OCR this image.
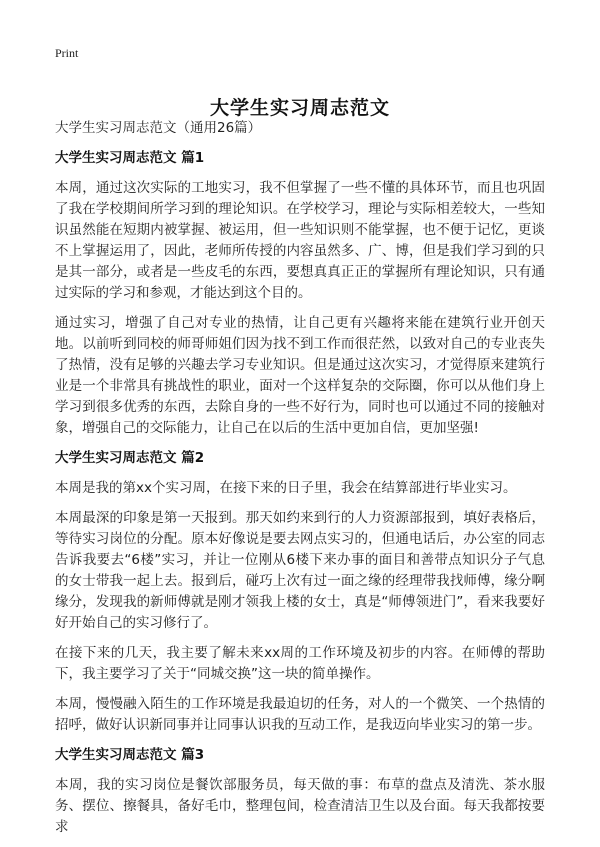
Print
大学生实习周志范文

大学生实习周志范文（通用26篇）

大学生实习周志范文 篇1

本周，通过这次实际的工地实习，我不但掌握了一些不懂的具体环节，而且也巩固了我在学校期间所学习到的理论知识。在学校学习，理论与实际相差较大，一些知识虽然能在短期内被掌握、被运用，但一些知识则不能掌握，也不便于记忆，更谈不上掌握运用了，因此，老师所传授的内容虽然多、广、博，但是我们学习到的只是其一部分，或者是一些皮毛的东西，要想真真正正的掌握所有理论知识，只有通过实际的学习和参观，才能达到这个目的。

通过实习，增强了自己对专业的热情，让自己更有兴趣将来能在建筑行业开创天地。以前听到同校的师哥师姐们因为找不到工作而很茫然，以致对自己的专业丧失了热情，没有足够的兴趣去学习专业知识。但是通过这次实习，才觉得原来建筑行业是一个非常具有挑战性的职业，面对一个这样复杂的交际圈，你可以从他们身上学习到很多优秀的东西，去除自身的一些不好行为，同时也可以通过不同的接触对象，增强自己的交际能力，让自己在以后的生活中更加自信，更加坚强!

大学生实习周志范文 篇2

本周是我的第xx个实习周，在接下来的日子里，我会在结算部进行毕业实习。

本周最深的印象是第一天报到。那天如约来到行的人力资源部报到，填好表格后，等待实习岗位的分配。原本好像说是要去网点实习的，但通电话后，办公室的同志告诉我要去“6楼”实习，并让一位刚从6楼下来办事的面目和善带点知识分子气息的女士带我一起上去。报到后，碰巧上次有过一面之缘的经理带我找师傅，缘分啊缘分，发现我的新师傅就是刚才领我上楼的女士，真是“师傅领进门”，看来我要好好开始自己的实习修行了。

在接下来的几天，我主要了解未来xx周的工作环境及初步的内容。在师傅的帮助下，我主要学习了关于“同城交换”这一块的简单操作。

本周，慢慢融入陌生的工作环境是我最迫切的任务，对人的一个微笑、一个热情的招呼，做好认识新同事并让同事认识我的互动工作，是我迈向毕业实习的第一步。

大学生实习周志范文 篇3

本周，我的实习岗位是餐饮部服务员，每天做的事：布草的盘点及清洗、茶水服务、摆位、擦餐具，备好毛巾，整理包间，检查清洁卫生以及台面。每天我都按要求
